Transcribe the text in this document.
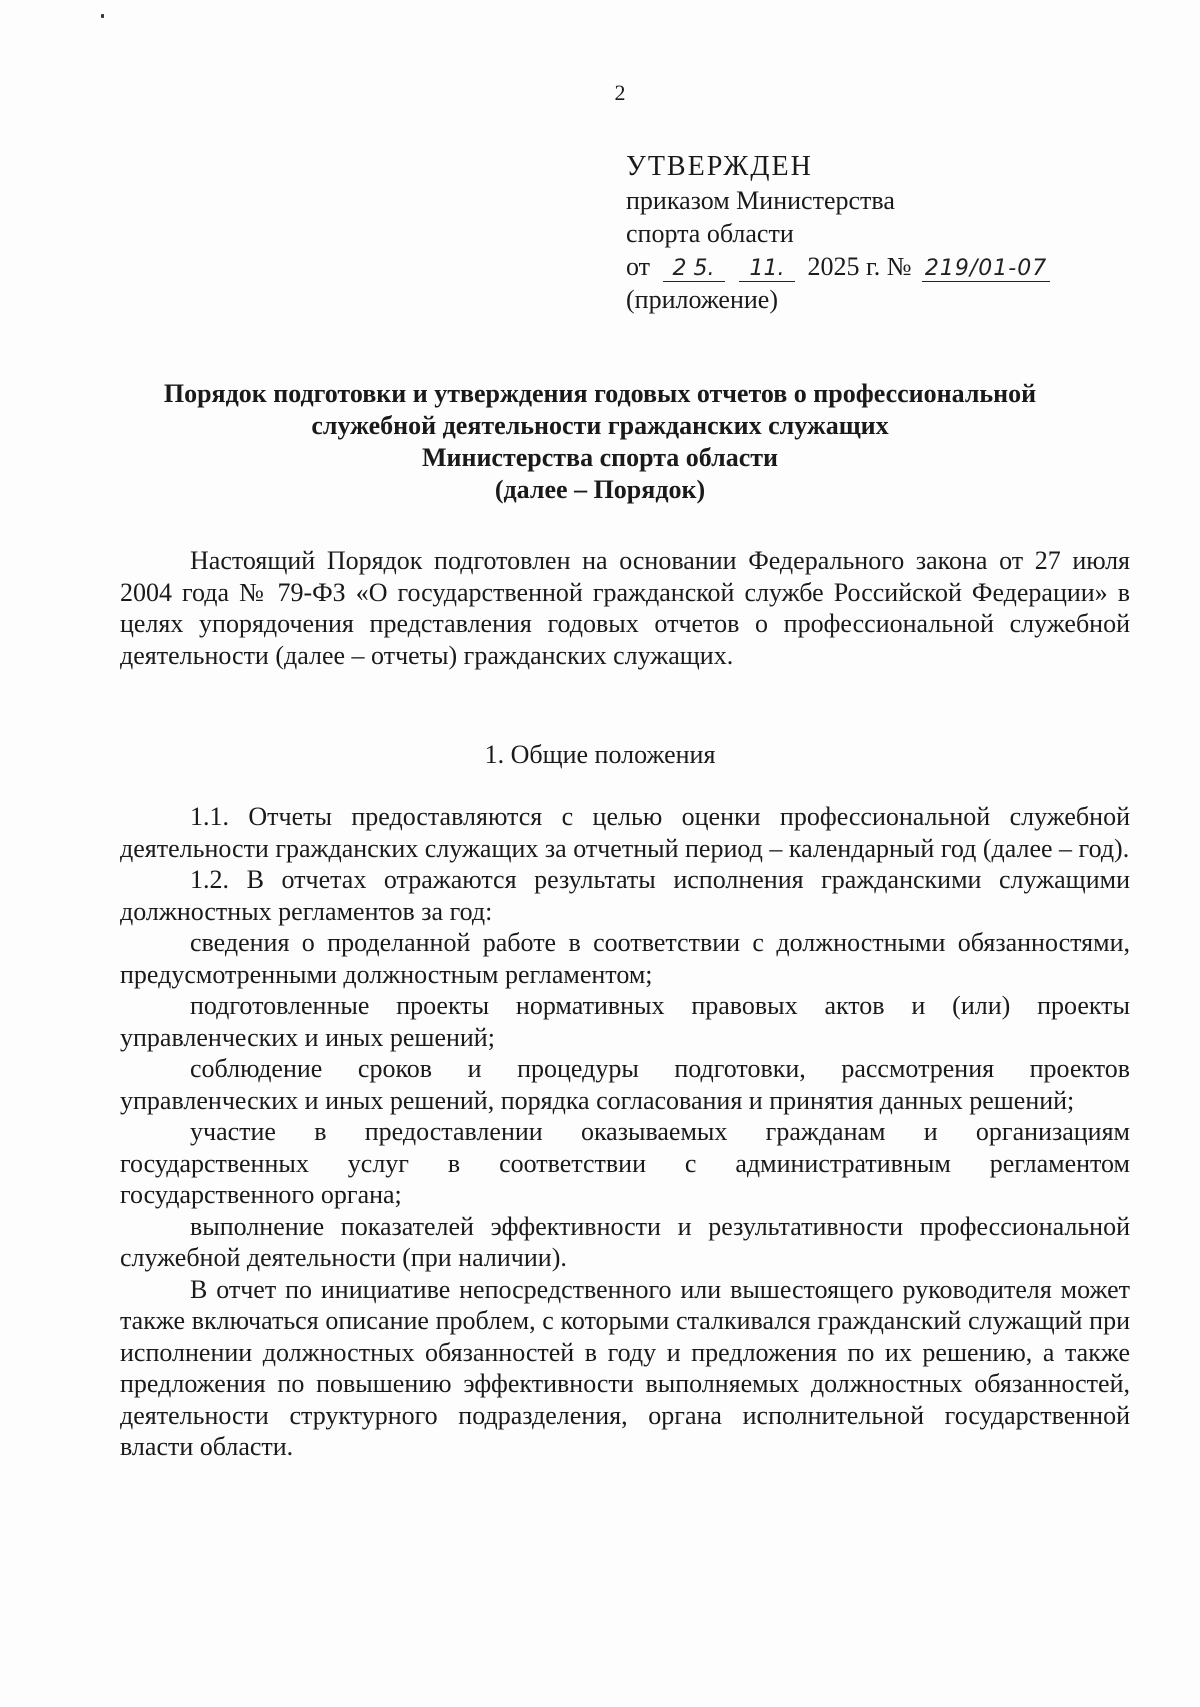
2
УТВЕРЖДЕН
приказом Министерства
спорта области
от 2 5. 11. 2025 г. № 219/01-07
(приложение)
Порядок подготовки и утверждения годовых отчетов о профессиональной
служебной деятельности гражданских служащих
Министерства спорта области
(далее – Порядок)

Настоящий Порядок подготовлен на основании Федерального закона от 27 июля 2004 года № 79-ФЗ «О государственной гражданской службе Российской Федерации» в целях упорядочения представления годовых отчетов о профессиональной служебной деятельности (далее – отчеты) гражданских служащих.

1. Общие положения

1.1. Отчеты предоставляются с целью оценки профессиональной служебной деятельности гражданских служащих за отчетный период – календарный год (далее – год).

1.2. В отчетах отражаются результаты исполнения гражданскими служащими должностных регламентов за год:

сведения о проделанной работе в соответствии с должностными обязанностями, предусмотренными должностным регламентом;

подготовленные проекты нормативных правовых актов и (или) проекты управленческих и иных решений;

соблюдение сроков и процедуры подготовки, рассмотрения проектов управленческих и иных решений, порядка согласования и принятия данных решений;

участие в предоставлении оказываемых гражданам и организациям государственных услуг в соответствии с административным регламентом государственного органа;

выполнение показателей эффективности и результативности профессиональной служебной деятельности (при наличии).

В отчет по инициативе непосредственного или вышестоящего руководителя может также включаться описание проблем, с которыми сталкивался гражданский служащий при исполнении должностных обязанностей в году и предложения по их решению, а также предложения по повышению эффективности выполняемых должностных обязанностей, деятельности структурного подразделения, органа исполнительной государственной власти области.
